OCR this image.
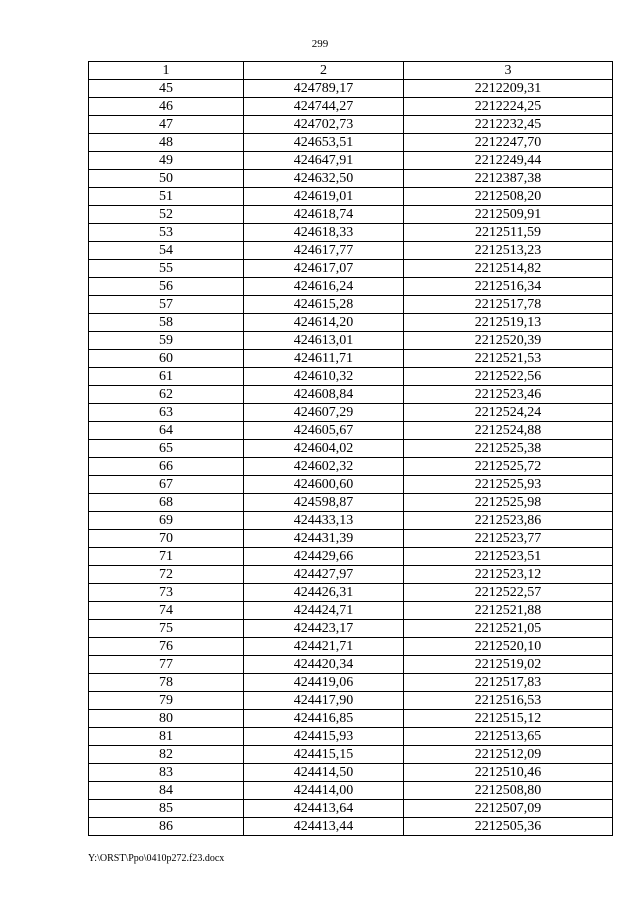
299
1	2	3
45	424789,17	2212209,31
46	424744,27	2212224,25
47	424702,73	2212232,45
48	424653,51	2212247,70
49	424647,91	2212249,44
50	424632,50	2212387,38
51	424619,01	2212508,20
52	424618,74	2212509,91
53	424618,33	2212511,59
54	424617,77	2212513,23
55	424617,07	2212514,82
56	424616,24	2212516,34
57	424615,28	2212517,78
58	424614,20	2212519,13
59	424613,01	2212520,39
60	424611,71	2212521,53
61	424610,32	2212522,56
62	424608,84	2212523,46
63	424607,29	2212524,24
64	424605,67	2212524,88
65	424604,02	2212525,38
66	424602,32	2212525,72
67	424600,60	2212525,93
68	424598,87	2212525,98
69	424433,13	2212523,86
70	424431,39	2212523,77
71	424429,66	2212523,51
72	424427,97	2212523,12
73	424426,31	2212522,57
74	424424,71	2212521,88
75	424423,17	2212521,05
76	424421,71	2212520,10
77	424420,34	2212519,02
78	424419,06	2212517,83
79	424417,90	2212516,53
80	424416,85	2212515,12
81	424415,93	2212513,65
82	424415,15	2212512,09
83	424414,50	2212510,46
84	424414,00	2212508,80
85	424413,64	2212507,09
86	424413,44	2212505,36
Y:\ORST\Ppo\0410p272.f23.docx
